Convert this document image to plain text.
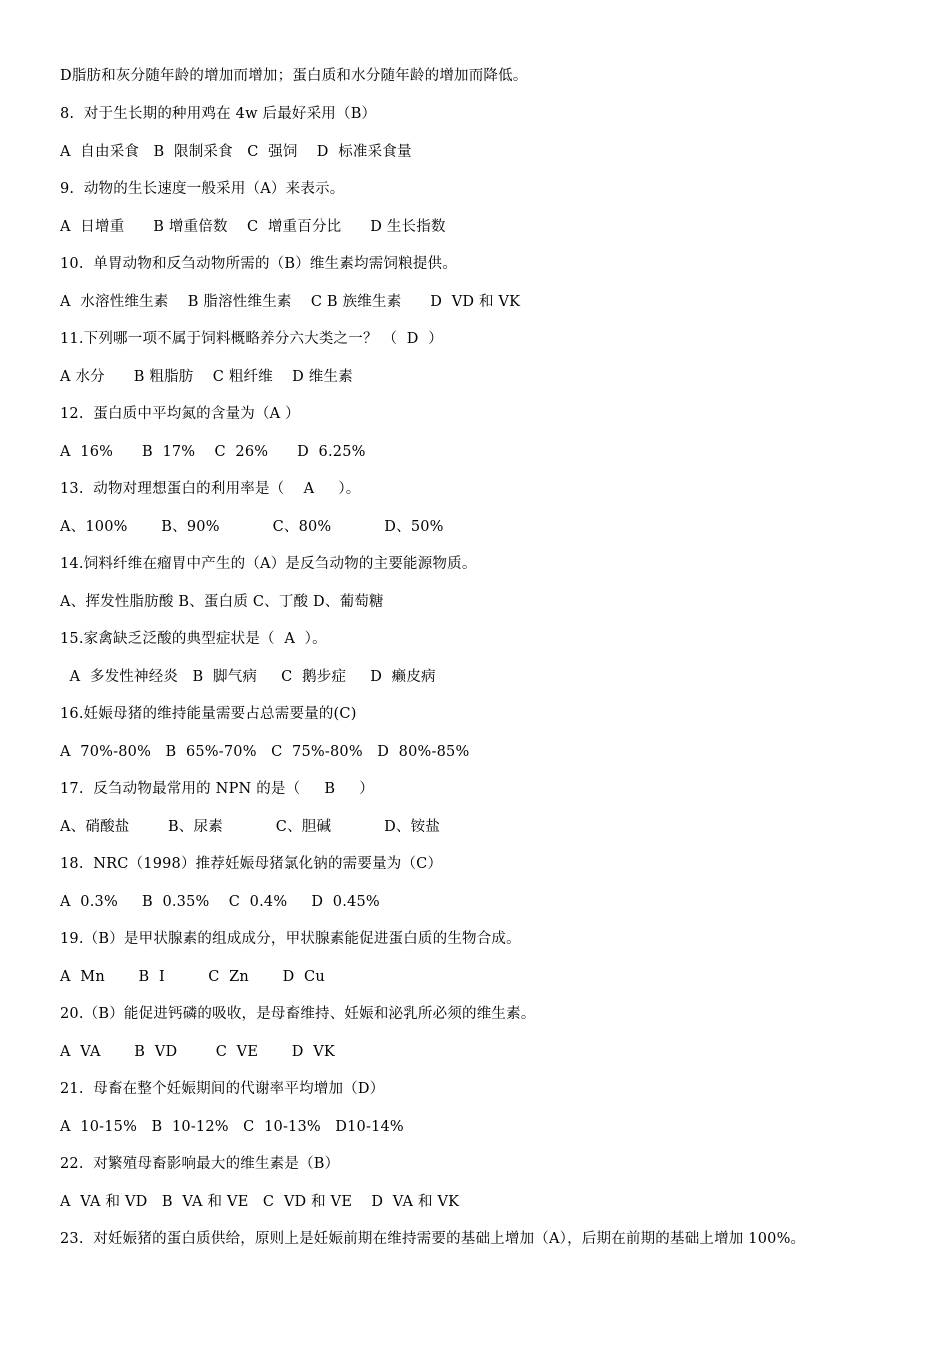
D脂肪和灰分随年龄的增加而增加；蛋白质和水分随年龄的增加而降低。
8.  对于生长期的种用鸡在 4w 后最好采用（B）
A  自由采食   B  限制采食   C  强饲    D  标准采食量
9.  动物的生长速度一般采用（A）来表示。
A  日增重      B 增重倍数    C  增重百分比      D 生长指数
10.  单胃动物和反刍动物所需的（B）维生素均需饲粮提供。
A  水溶性维生素    B 脂溶性维生素    C B 族维生素      D  VD 和 VK
11.下列哪一项不属于饲料概略养分六大类之一？ （  D  ）
A 水分      B 粗脂肪    C 粗纤维    D 维生素
12.  蛋白质中平均氮的含量为（A ）
A  16%      B  17%    C  26%      D  6.25%
13.  动物对理想蛋白的利用率是（    A     ）。
A、100%       B、90%           C、80%           D、50%
14.饲料纤维在瘤胃中产生的（A）是反刍动物的主要能源物质。
A、挥发性脂肪酸 B、蛋白质 C、丁酸 D、葡萄糖
15.家禽缺乏泛酸的典型症状是（  A  ）。
A  多发性神经炎   B  脚气病     C  鹅步症     D  癞皮病
16.妊娠母猪的维持能量需要占总需要量的(C)
A  70%-80%   B  65%-70%   C  75%-80%   D  80%-85%
17.  反刍动物最常用的 NPN 的是（     B     ）
A、硝酸盐        B、尿素           C、胆碱           D、铵盐
18.  NRC（1998）推荐妊娠母猪氯化钠的需要量为（C）
A  0.3%     B  0.35%    C  0.4%     D  0.45%
19.（B）是甲状腺素的组成成分，甲状腺素能促进蛋白质的生物合成。
A  Mn       B  I         C  Zn       D  Cu
20.（B）能促进钙磷的吸收，是母畜维持、妊娠和泌乳所必须的维生素。
A  VA       B  VD        C  VE       D  VK
21.  母畜在整个妊娠期间的代谢率平均增加（D）
A  10-15%   B  10-12%   C  10-13%   D10-14%
22.  对繁殖母畜影响最大的维生素是（B）
A  VA 和 VD   B  VA 和 VE   C  VD 和 VE    D  VA 和 VK
23.  对妊娠猪的蛋白质供给，原则上是妊娠前期在维持需要的基础上增加（A），后期在前期的基础上增加 100%。
